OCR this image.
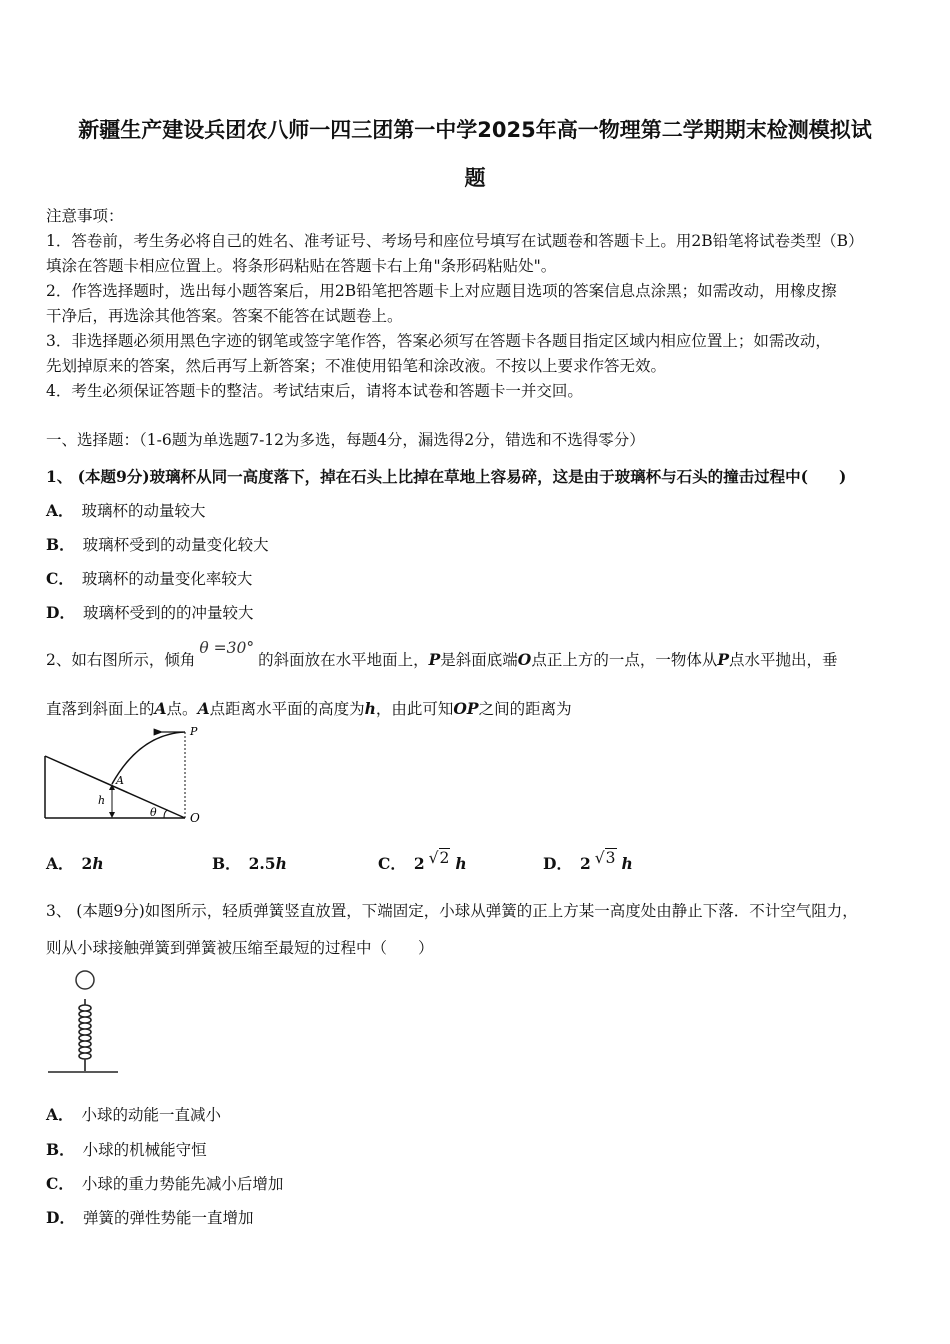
新疆生产建设兵团农八师一四三团第一中学2025年高一物理第二学期期末检测模拟试
题
注意事项：
1．答卷前，考生务必将自己的姓名、准考证号、考场号和座位号填写在试题卷和答题卡上。用2B铅笔将试卷类型（B）
填涂在答题卡相应位置上。将条形码粘贴在答题卡右上角"条形码粘贴处"。
2．作答选择题时，选出每小题答案后，用2B铅笔把答题卡上对应题目选项的答案信息点涂黑；如需改动，用橡皮擦
干净后，再选涂其他答案。答案不能答在试题卷上。
3．非选择题必须用黑色字迹的钢笔或签字笔作答，答案必须写在答题卡各题目指定区域内相应位置上；如需改动，
先划掉原来的答案，然后再写上新答案；不准使用铅笔和涂改液。不按以上要求作答无效。
4．考生必须保证答题卡的整洁。考试结束后，请将本试卷和答题卡一并交回。
一、选择题：（1-6题为单选题7-12为多选，每题4分，漏选得2分，错选和不选得零分）
1、 (本题9分)玻璃杯从同一高度落下，掉在石头上比掉在草地上容易碎，这是由于玻璃杯与石头的撞击过程中(　　)
A． 玻璃杯的动量较大
B． 玻璃杯受到的动量变化较大
C． 玻璃杯的动量变化率较大
D． 玻璃杯受到的的冲量较大
2、如右图所示，倾角θ =30°的斜面放在水平地面上，P是斜面底端O点正上方的一点，一物体从P点水平抛出，垂
直落到斜面上的A点。A点距离水平面的高度为h，由此可知OP之间的距离为
P
A
h
θ	O
A． 2h	B． 2.5h	C． 2 √2 h	D． 2 √3 h
3、 (本题9分)如图所示，轻质弹簧竖直放置，下端固定，小球从弹簧的正上方某一高度处由静止下落．不计空气阻力，
则从小球接触弹簧到弹簧被压缩至最短的过程中（　　）
A． 小球的动能一直减小
B． 小球的机械能守恒
C． 小球的重力势能先减小后增加
D． 弹簧的弹性势能一直增加
